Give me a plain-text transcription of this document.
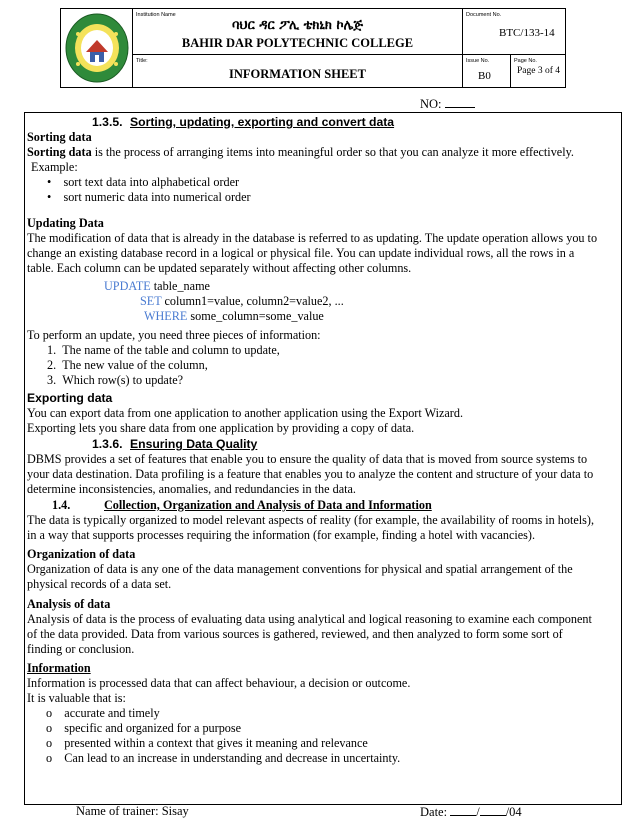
Institution Name
ባህር ዳር ፖሊ ቴክኒክ ኮሌጅ
BAHIR DAR POLYTECHNIC COLLEGE
Title:
INFORMATION SHEET
Document No.
BTC/133-14
Issue No.
B0
Page No.
Page 3 of 4
NO:
1.3.5. Sorting, updating, exporting and convert data
Sorting data
Sorting data is the process of arranging items into meaningful order so that you can analyze it more effectively.
Example:
•    sort text data into alphabetical order
•    sort numeric data into numerical order
Updating Data
The modification of data that is already in the database is referred to as updating. The update operation allows you to
change an existing database record in a logical or physical file. You can update individual rows, all the rows in a
table. Each column can be updated separately without affecting other columns.
UPDATE table_name
SET column1=value, column2=value2, ...
WHERE some_column=some_value
To perform an update, you need three pieces of information:
1.  The name of the table and column to update,
2.  The new value of the column,
3.  Which row(s) to update?
Exporting data
You can export data from one application to another application using the Export Wizard.
Exporting lets you share data from one application by providing a copy of data.
1.3.6. Ensuring Data Quality
DBMS provides a set of features that enable you to ensure the quality of data that is moved from source systems to
your data destination. Data profiling is a feature that enables you to analyze the content and structure of your data to
determine inconsistencies, anomalies, and redundancies in the data.
1.4.	Collection, Organization and Analysis of Data and Information
The data is typically organized to model relevant aspects of reality (for example, the availability of rooms in hotels),
in a way that supports processes requiring the information (for example, finding a hotel with vacancies).
Organization of data
Organization of data is any one of the data management conventions for physical and spatial arrangement of the
physical records of a data set.
Analysis of data
Analysis of data is the process of evaluating data using analytical and logical reasoning to examine each component
of the data provided. Data from various sources is gathered, reviewed, and then analyzed to form some sort of
finding or conclusion.
Information
Information is processed data that can affect behaviour, a decision or outcome.
It is valuable that is:
o    accurate and timely
o    specific and organized for a purpose
o    presented within a context that gives it meaning and relevance
o    Can lead to an increase in understanding and decrease in uncertainty.
Name of trainer: Sisay	Date: / /04
